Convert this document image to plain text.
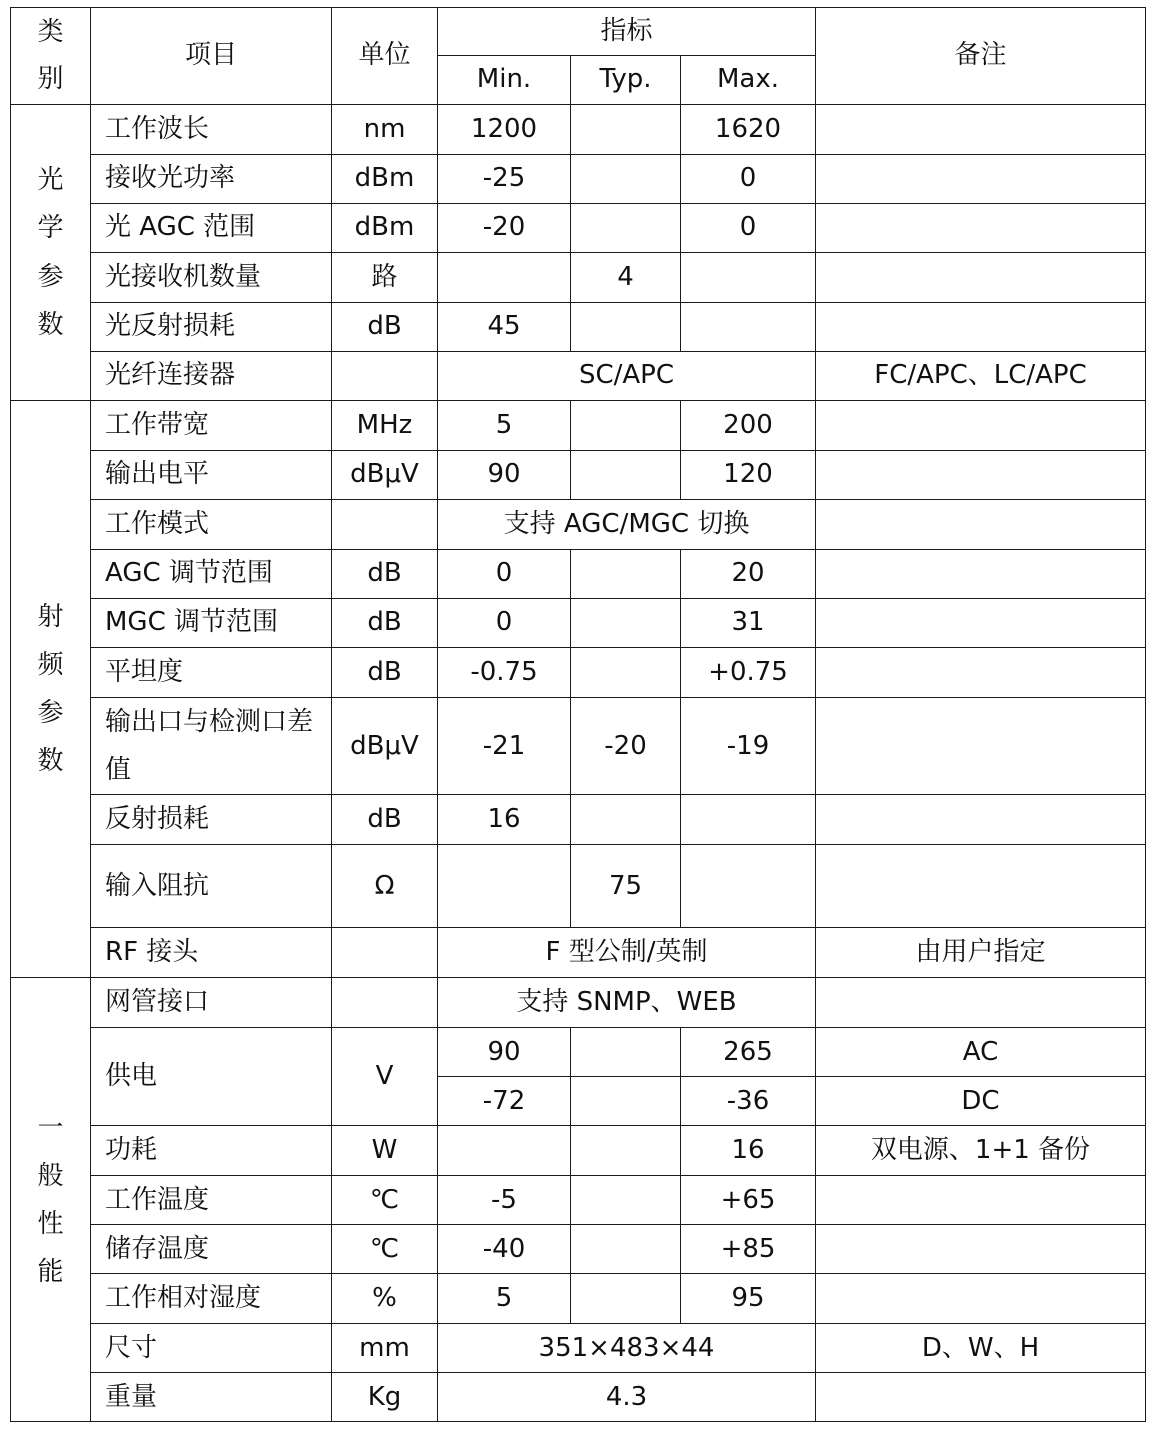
类
别	项目	单位	指标			备注
			Min.	Typ.	Max.	
光
学
参
数	工作波长	nm	1200		1620	
	接收光功率	dBm	-25		0	
	光 AGC 范围	dBm	-20		0	
	光接收机数量	路		4		
	光反射损耗	dB	45			
	光纤连接器		SC/APC			FC/APC、LC/APC
射
频
参
数	工作带宽	MHz	5		200	
	输出电平	dBμV	90		120	
	工作模式		支持 AGC/MGC 切换			
	AGC 调节范围	dB	0		20	
	MGC 调节范围	dB	0		31	
	平坦度	dB	-0.75		+0.75	
	输出口与检测口差值	dBμV	-21	-20	-19	
	反射损耗	dB	16			
	输入阻抗	Ω		75		
	RF 接头		F 型公制/英制			由用户指定
一
般
性
能	网管接口		支持 SNMP、WEB			
	供电	V	90		265	AC
			-72		-36	DC
	功耗	W			16	双电源、1+1 备份
	工作温度	℃	-5		+65	
	储存温度	℃	-40		+85	
	工作相对湿度	%	5		95	
	尺寸	mm	351×483×44			D、W、H
	重量	Kg	4.3			
